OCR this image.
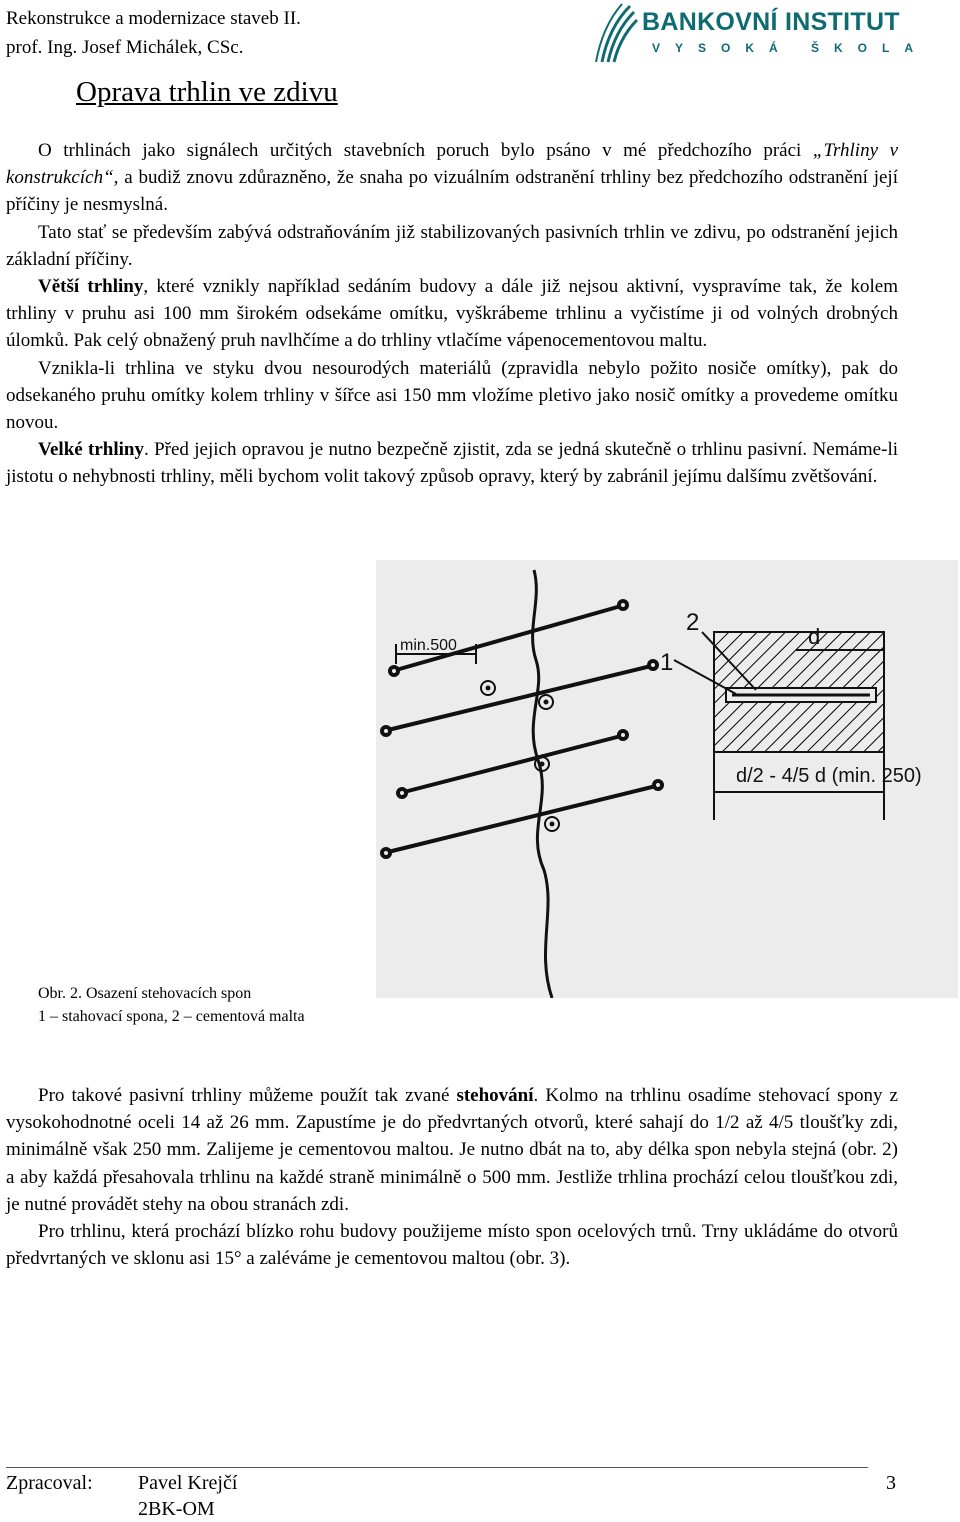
Rekonstrukce a modernizace staveb II.
prof. Ing. Josef Michálek, CSc.
BANKOVNÍ INSTITUT
VYSOKÁ ŠKOLA
Oprava trhlin ve zdivu

O trhlinách jako signálech určitých stavebních poruch bylo psáno v mé předchozího práci „Trhliny v konstrukcích“, a budiž znovu zdůrazněno, že snaha po vizuálním odstranění trhliny bez předchozího odstranění její příčiny je nesmyslná.

Tato stať se především zabývá odstraňováním již stabilizovaných pasivních trhlin ve zdivu, po odstranění jejich základní příčiny.

Větší trhliny, které vznikly například sedáním budovy a dále již nejsou aktivní, vyspravíme tak, že kolem trhliny v pruhu asi 100 mm širokém odsekáme omítku, vyškrábeme trhlinu a vyčistíme ji od volných drobných úlomků. Pak celý obnažený pruh navlhčíme a do trhliny vtlačíme vápenocementovou maltu.

Vznikla-li trhlina ve styku dvou nesourodých materiálů (zpravidla nebylo požito nosiče omítky), pak do odsekaného pruhu omítky kolem trhliny v šířce asi 150 mm vložíme pletivo jako nosič omítky a provedeme omítku novou.

Velké trhliny. Před jejich opravou je nutno bezpečně zjistit, zda se jedná skutečně o trhlinu pasivní. Nemáme-li jistotu o nehybnosti trhliny, měli bychom volit takový způsob opravy, který by zabránil jejímu dalšímu zvětšování.

min.500	d
2
1
d/2 - 4/5 d (min. 250)
Obr. 2. Osazení stehovacích spon
1 – stahovací spona, 2 – cementová malta

Pro takové pasivní trhliny můžeme použít tak zvané stehování. Kolmo na trhlinu osadíme stehovací spony z vysokohodnotné oceli 14 až 26 mm. Zapustíme je do předvrtaných otvorů, které sahají do 1/2 až 4/5 tloušťky zdi, minimálně však 250 mm. Zalijeme je cementovou maltou. Je nutno dbát na to, aby délka spon nebyla stejná (obr. 2) a aby každá přesahovala trhlinu na každé straně minimálně o 500 mm. Jestliže trhlina prochází celou tloušťkou zdi, je nutné provádět stehy na obou stranách zdi.

Pro trhlinu, která prochází blízko rohu budovy použijeme místo spon ocelových trnů. Trny ukládáme do otvorů předvrtaných ve sklonu asi 15° a zaléváme je cementovou maltou (obr. 3).

Zpracoval: Pavel Krejčí
2BK-OM
3
